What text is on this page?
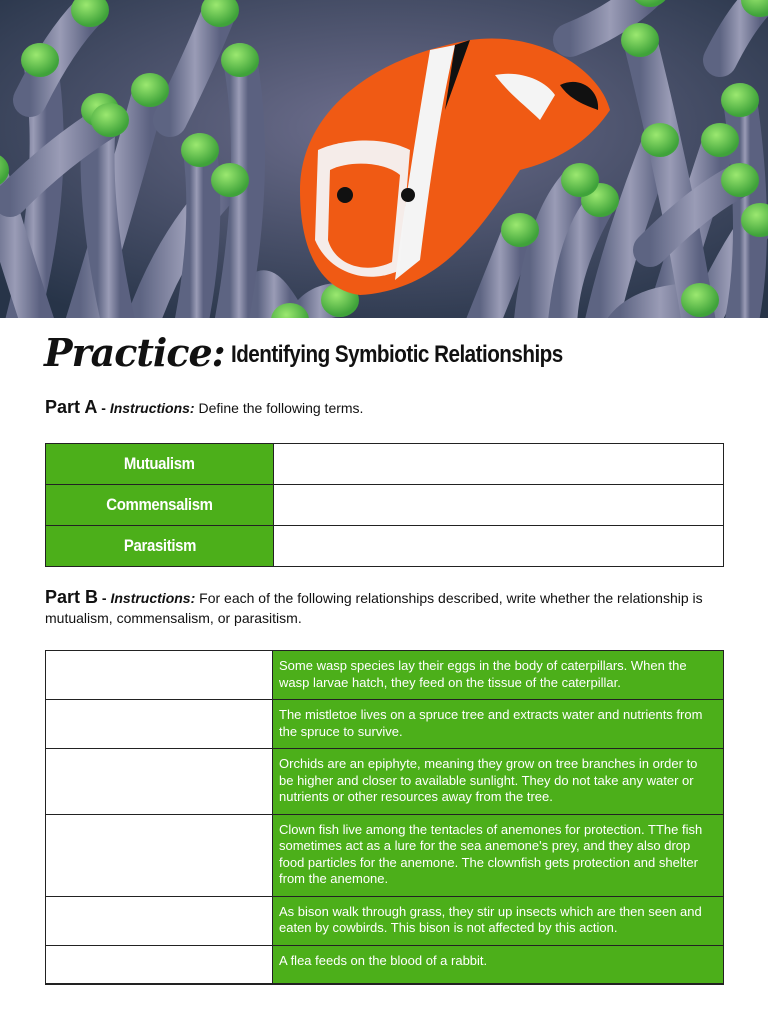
Practice: Identifying Symbiotic Relationships
Part A - Instructions: Define the following terms.
Mutualism	
Commensalism	
Parasitism	
Part B - Instructions: For each of the following relationships described, write whether the relationship is mutualism, commensalism, or parasitism.
	Some wasp species lay their eggs in the body of caterpillars. When the wasp larvae hatch, they feed on the tissue of the caterpillar.
	The mistletoe lives on a spruce tree and extracts water and nutrients from the spruce to survive.
	Orchids are an epiphyte, meaning they grow on tree branches in order to be higher and closer to available sunlight. They do not take any water or nutrients or other resources away from the tree.
	Clown fish live among the tentacles of anemones for protection. TThe fish sometimes act as a lure for the sea anemone's prey, and they also drop food particles for the anemone. The clownfish gets protection and shelter from the anemone.
	As bison walk through grass, they stir up insects which are then seen and eaten by cowbirds. This bison is not affected by this action.
	A flea feeds on the blood of a rabbit.
